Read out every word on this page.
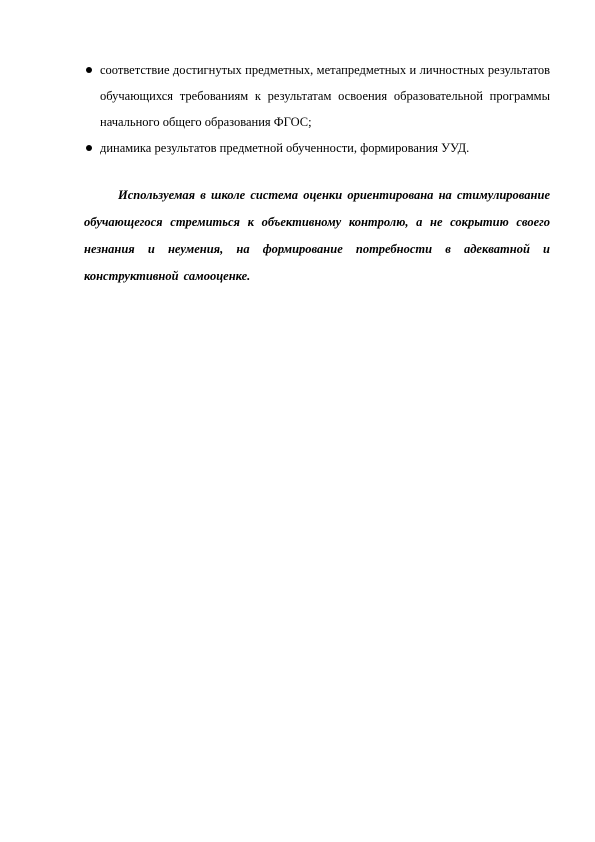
соответствие достигнутых предметных, метапредметных и личностных результатов обучающихся требованиям к результатам освоения образовательной программы начального общего образования ФГОС;
динамика результатов предметной обученности, формирования УУД.

Используемая в школе система оценки ориентирована на стимулирование обучающегося стремиться к объективному контролю, а не сокрытию своего незнания и неумения, на формирование потребности в адекватной и конструктивной самооценке.
